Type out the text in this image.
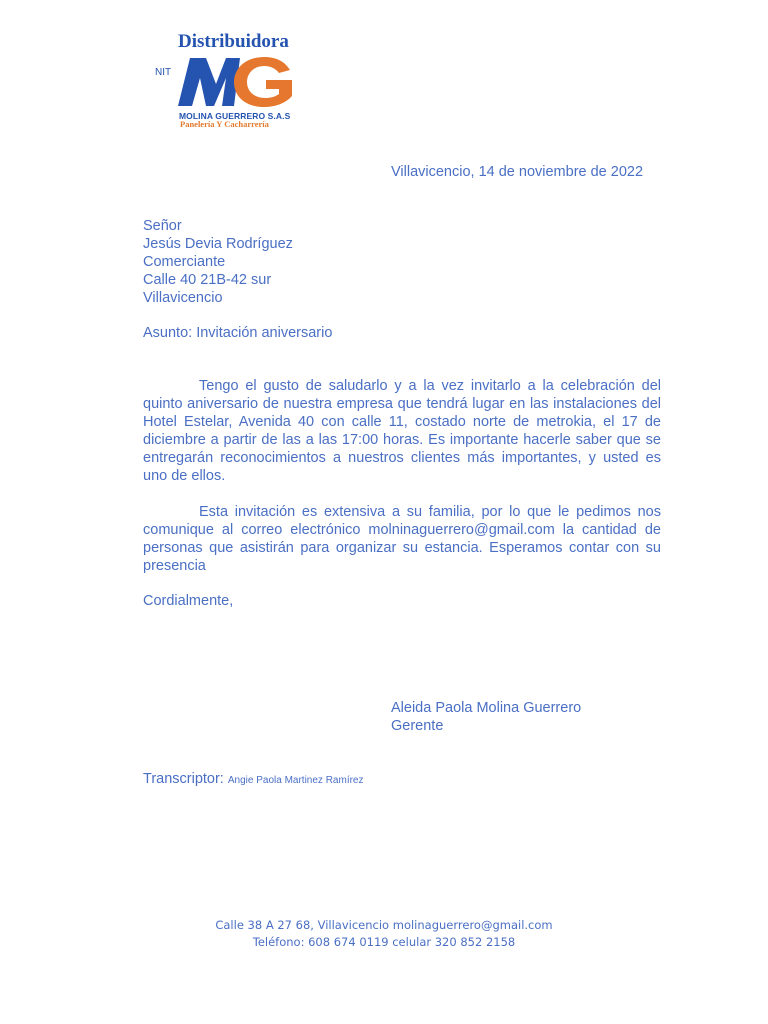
Distribuidora
NIT
MOLINA GUERRERO S.A.S
Panelería Y Cacharrería
Villavicencio, 14 de noviembre de 2022
Señor
Jesús Devia Rodríguez
Comerciante
Calle 40 21B-42 sur
Villavicencio
Asunto: Invitación aniversario
Tengo el gusto de saludarlo y a la vez invitarlo a la celebración del quinto aniversario de nuestra empresa que tendrá lugar en las instalaciones del Hotel Estelar, Avenida 40 con calle 11, costado norte de metrokia, el 17 de diciembre a partir de las a las 17:00 horas. Es importante hacerle saber que se entregarán reconocimientos a nuestros clientes más importantes, y usted es uno de ellos.
Esta invitación es extensiva a su familia, por lo que le pedimos nos comunique al correo electrónico molninaguerrero@gmail.com la cantidad de personas que asistirán para organizar su estancia. Esperamos contar con su presencia
Cordialmente,
Aleida Paola Molina Guerrero
Gerente
Transcriptor: Angie Paola Martinez Ramírez
Calle 38 A 27 68, Villavicencio molinaguerrero@gmail.com
Teléfono: 608 674 0119 celular 320 852 2158
